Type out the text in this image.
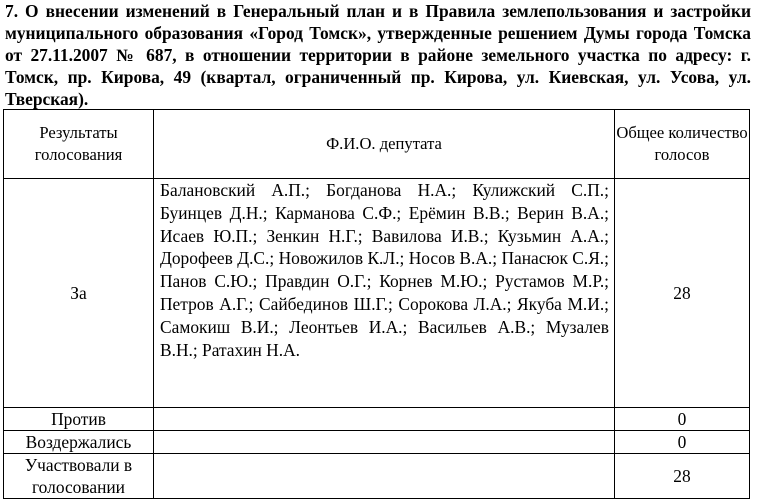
7. О внесении изменений в Генеральный план и в Правила землепользования и застройки муниципального образования «Город Томск», утвержденные решением Думы города Томска от 27.11.2007 № 687, в отношении территории в районе земельного участка по адресу: г. Томск, пр. Кирова, 49 (квартал, ограниченный пр. Кирова, ул. Киевская, ул. Усова, ул. Тверская).
Результаты голосования	Ф.И.О. депутата	Общее количество голосов
За	Балановский А.П.; Богданова Н.А.; Кулижский С.П.; Буинцев Д.Н.; Карманова С.Ф.; Ерёмин В.В.; Верин В.А.; Исаев Ю.П.; Зенкин Н.Г.; Вавилова И.В.; Кузьмин А.А.; Дорофеев Д.С.; Новожилов К.Л.; Носов В.А.; Панасюк С.Я.; Панов С.Ю.; Правдин О.Г.; Корнев М.Ю.; Рустамов М.Р.; Петров А.Г.; Сайбединов Ш.Г.; Сорокова Л.А.; Якуба М.И.; Самокиш В.И.; Леонтьев И.А.; Васильев А.В.; Музалев В.Н.; Ратахин Н.А.	28
Против		0
Воздержались		0
Участвовали в голосовании		28
